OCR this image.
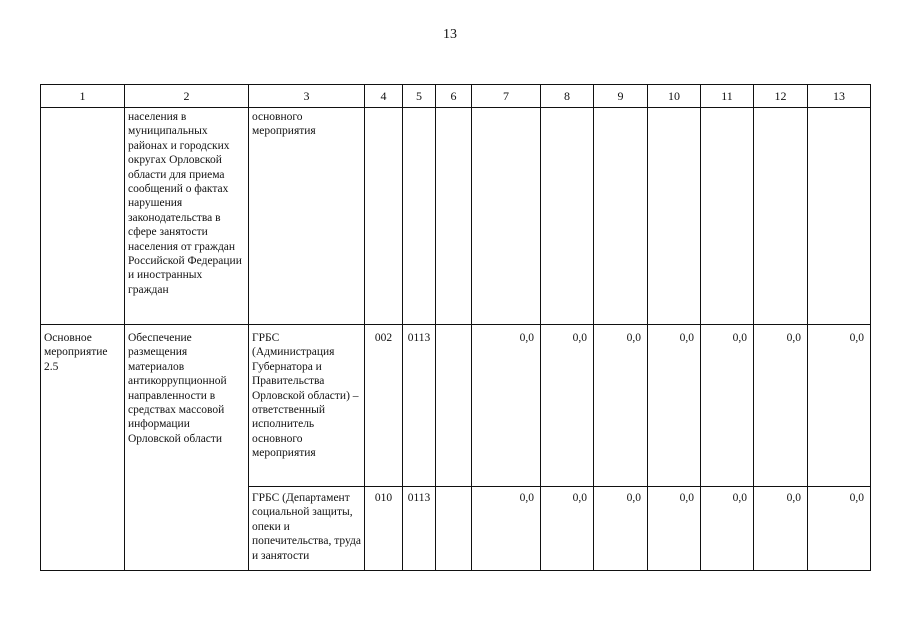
13
1	2	3	4	5	6	7	8	9	10	11	12	13
	населения в муниципальных районах и городских округах Орловской области для приема сообщений о фактах нарушения законодательства в сфере занятости населения от граждан Российской Федерации и иностранных граждан	основного мероприятия										
Основное мероприятие 2.5	Обеспечение размещения материалов антикоррупционной направленности в средствах массовой информации Орловской области	ГРБС (Администрация Губернатора и Правительства Орловской области) – ответственный исполнитель основного мероприятия	002	0113		0,0	0,0	0,0	0,0	0,0	0,0	0,0
		ГРБС (Департамент социальной защиты, опеки и попечительства, труда и занятости	010	0113		0,0	0,0	0,0	0,0	0,0	0,0	0,0
